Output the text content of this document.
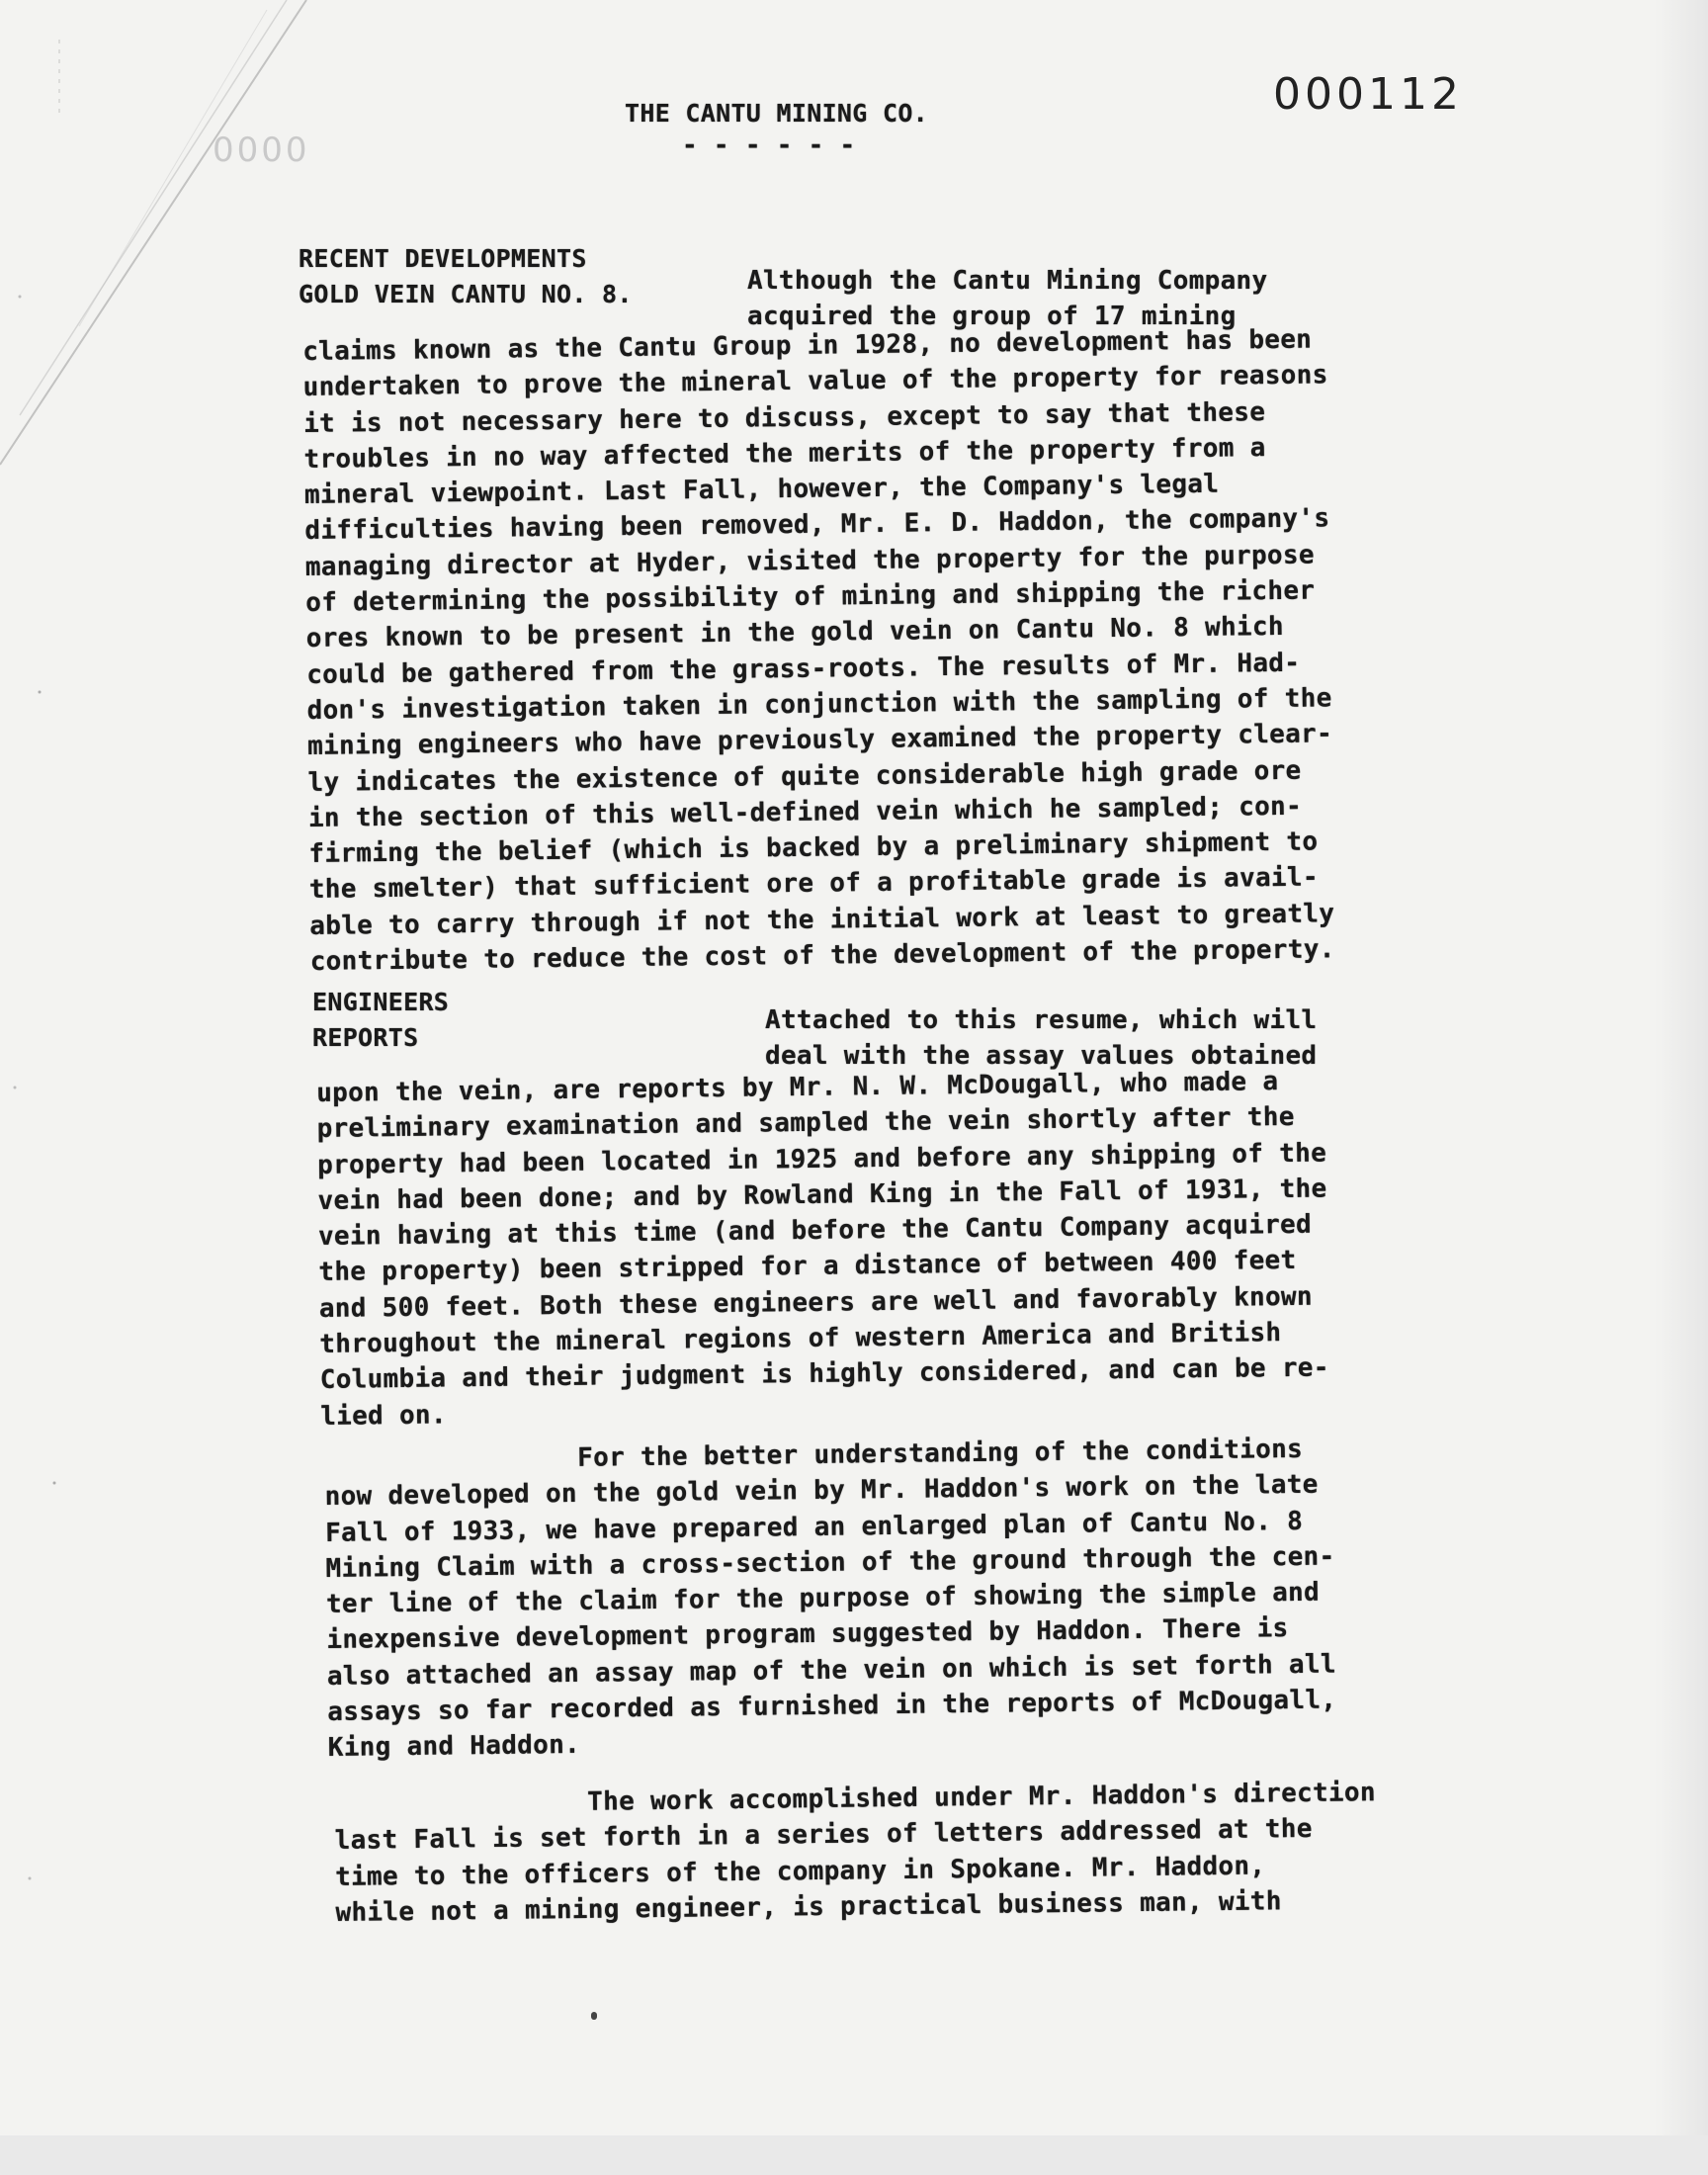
0000
000112
THE CANTU MINING CO.
- - - - - -
RECENT DEVELOPMENTS
GOLD VEIN CANTU NO. 8.	Although the Cantu Mining Company
acquired the group of 17 mining
claims known as the Cantu Group in 1928, no development has been
undertaken to prove the mineral value of the property for reasons
it is not necessary here to discuss, except to say that these
troubles in no way affected the merits of the property from a
mineral viewpoint. Last Fall, however, the Company's legal
difficulties having been removed, Mr. E. D. Haddon, the company's
managing director at Hyder, visited the property for the purpose
of determining the possibility of mining and shipping the richer
ores known to be present in the gold vein on Cantu No. 8 which
could be gathered from the grass-roots. The results of Mr. Had-
don's investigation taken in conjunction with the sampling of the
mining engineers who have previously examined the property clear-
ly indicates the existence of quite considerable high grade ore
in the section of this well-defined vein which he sampled; con-
firming the belief (which is backed by a preliminary shipment to
the smelter) that sufficient ore of a profitable grade is avail-
able to carry through if not the initial work at least to greatly
contribute to reduce the cost of the development of the property.
ENGINEERS
REPORTS
Attached to this resume, which will
deal with the assay values obtained
upon the vein, are reports by Mr. N. W. McDougall, who made a
preliminary examination and sampled the vein shortly after the
property had been located in 1925 and before any shipping of the
vein had been done; and by Rowland King in the Fall of 1931, the
vein having at this time (and before the Cantu Company acquired
the property) been stripped for a distance of between 400 feet
and 500 feet. Both these engineers are well and favorably known
throughout the mineral regions of western America and British
Columbia and their judgment is highly considered, and can be re-
lied on.
For the better understanding of the conditions
now developed on the gold vein by Mr. Haddon's work on the late
Fall of 1933, we have prepared an enlarged plan of Cantu No. 8
Mining Claim with a cross-section of the ground through the cen-
ter line of the claim for the purpose of showing the simple and
inexpensive development program suggested by Haddon. There is
also attached an assay map of the vein on which is set forth all
assays so far recorded as furnished in the reports of McDougall,
King and Haddon.
The work accomplished under Mr. Haddon's direction
last Fall is set forth in a series of letters addressed at the
time to the officers of the company in Spokane. Mr. Haddon,
while not a mining engineer, is practical business man, with
